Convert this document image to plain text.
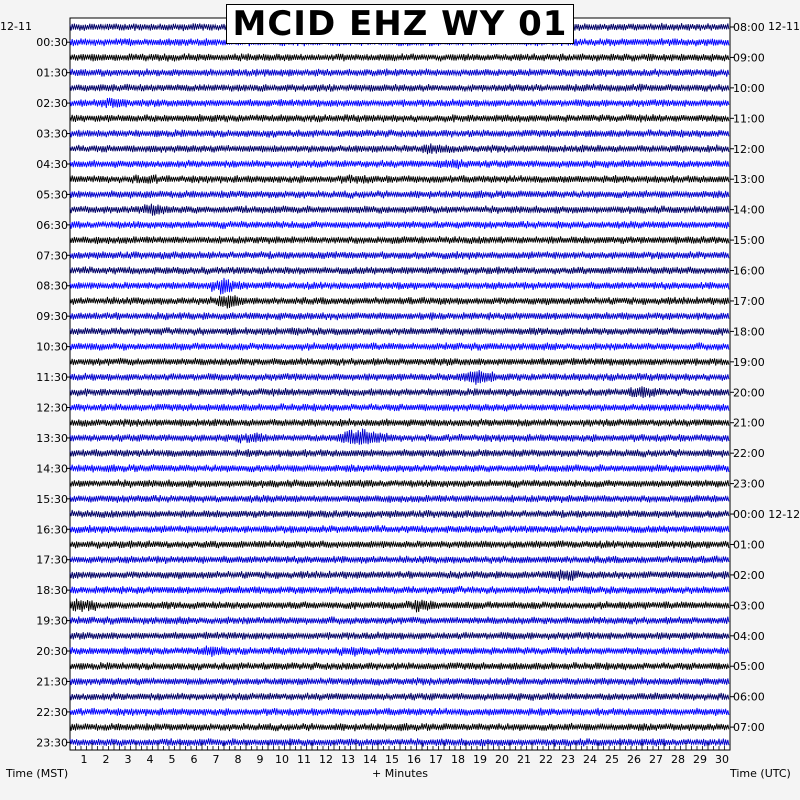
1 2 3 4 5 6 7 8 9 10 11 12 13 14 15 16 17 18 19 20 21 22 23 24 25 26 27 28 29 30
00:30
01:30
02:30
03:30
04:30
05:30
06:30
07:30
08:30
09:30
10:30
11:30
12:30
13:30
14:30
15:30
16:30
17:30
18:30
19:30
20:30
21:30
22:30
23:30
08:00
09:00
10:00
11:00
12:00
13:00
14:00
15:00
16:00
17:00
18:00
19:00
20:00
21:00
22:00
23:00
00:00 12-12
01:00
02:00
03:00
04:00
05:00
06:00
07:00
12-11	12-11
MCID EHZ WY 01
Time (MST)	+ Minutes	Time (UTC)
